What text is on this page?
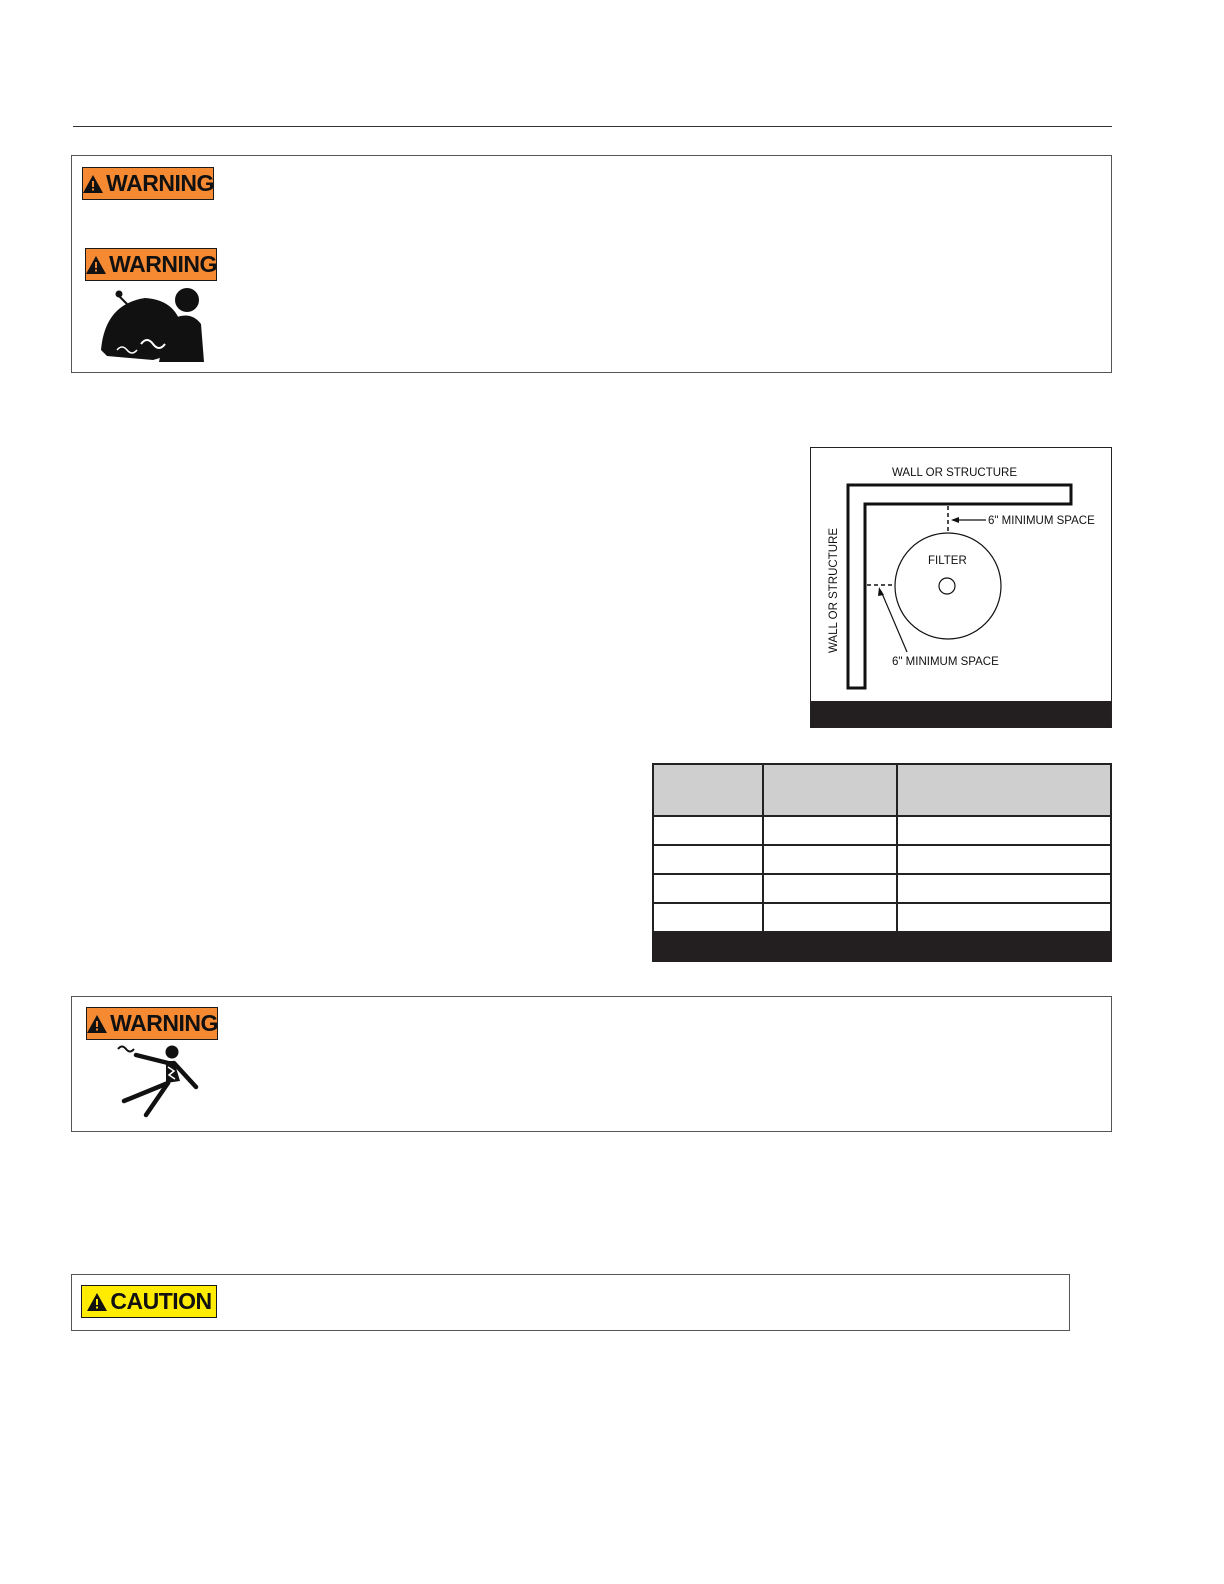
WARNING
WARNING
WALL OR STRUCTURE
WALL OR STRUCTURE	FILTER
6" MINIMUM SPACE
6" MINIMUM SPACE

WARNING
CAUTION
